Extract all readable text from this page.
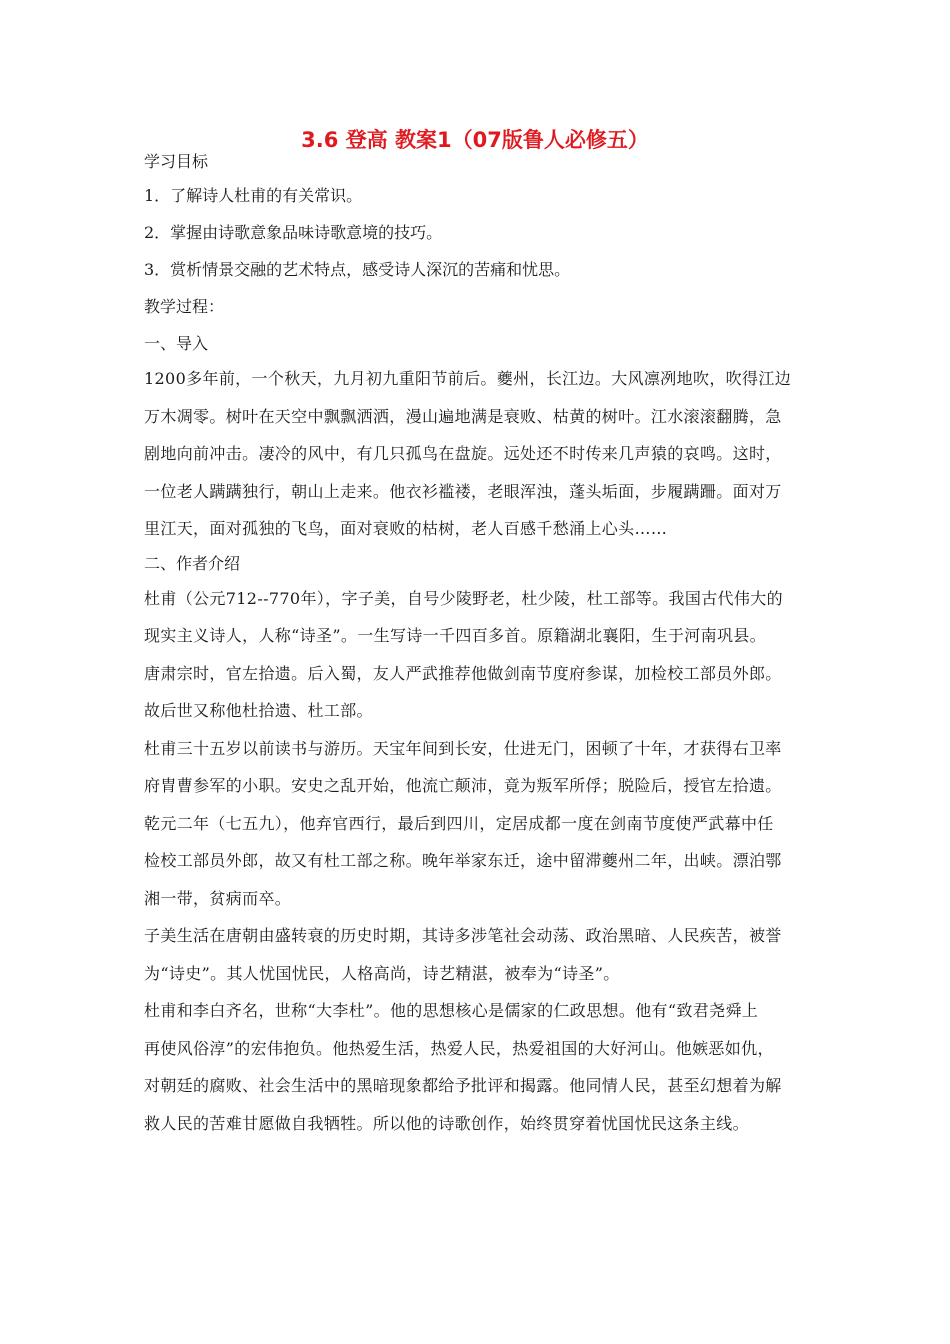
3.6 登高 教案1（07版鲁人必修五）
学习目标
1．了解诗人杜甫的有关常识。
2．掌握由诗歌意象品味诗歌意境的技巧。
3．赏析情景交融的艺术特点，感受诗人深沉的苦痛和忧思。
教学过程：
一、导入
1200多年前，一个秋天，九月初九重阳节前后。夔州，长江边。大风凛冽地吹，吹得江边
万木凋零。树叶在天空中飘飘洒洒，漫山遍地满是衰败、枯黄的树叶。江水滚滚翻腾，急
剧地向前冲击。凄冷的风中，有几只孤鸟在盘旋。远处还不时传来几声猿的哀鸣。这时，
一位老人蹒蹒独行，朝山上走来。他衣衫褴褛，老眼浑浊，蓬头垢面，步履蹒跚。面对万
里江天，面对孤独的飞鸟，面对衰败的枯树，老人百感千愁涌上心头……
二、作者介绍
杜甫（公元712--770年），字子美，自号少陵野老，杜少陵，杜工部等。我国古代伟大的
现实主义诗人，人称“诗圣”。一生写诗一千四百多首。原籍湖北襄阳，生于河南巩县。
唐肃宗时，官左拾遗。后入蜀，友人严武推荐他做剑南节度府参谋，加检校工部员外郎。
故后世又称他杜拾遗、杜工部。
杜甫三十五岁以前读书与游历。天宝年间到长安，仕进无门，困顿了十年，才获得右卫率
府胄曹参军的小职。安史之乱开始，他流亡颠沛，竟为叛军所俘；脱险后，授官左拾遗。
乾元二年（七五九），他弃官西行，最后到四川，定居成都一度在剑南节度使严武幕中任
检校工部员外郎，故又有杜工部之称。晚年举家东迁，途中留滞夔州二年，出峡。漂泊鄂
湘一带，贫病而卒。
子美生活在唐朝由盛转衰的历史时期，其诗多涉笔社会动荡、政治黑暗、人民疾苦，被誉
为“诗史”。其人忧国忧民，人格高尚，诗艺精湛，被奉为“诗圣”。
杜甫和李白齐名，世称“大李杜”。他的思想核心是儒家的仁政思想。他有“致君尧舜上
再使风俗淳”的宏伟抱负。他热爱生活，热爱人民，热爱祖国的大好河山。他嫉恶如仇，
对朝廷的腐败、社会生活中的黑暗现象都给予批评和揭露。他同情人民，甚至幻想着为解
救人民的苦难甘愿做自我牺牲。所以他的诗歌创作，始终贯穿着忧国忧民这条主线。
